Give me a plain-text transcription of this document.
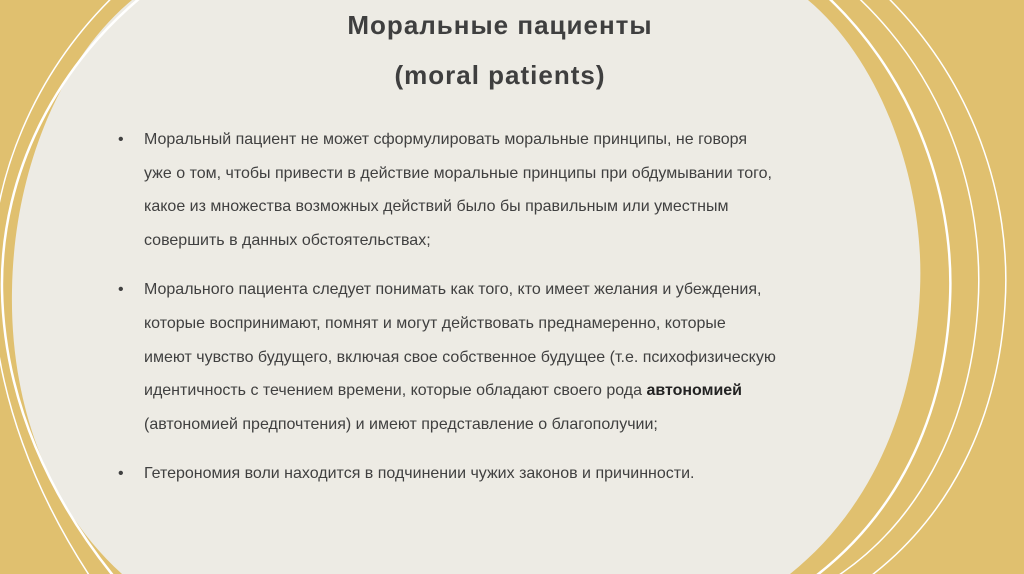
Моральные пациенты
(moral patients)
• Моральный пациент не может сформулировать моральные принципы, не говоря
уже о том, чтобы привести в действие моральные принципы при обдумывании того,
какое из множества возможных действий было бы правильным или уместным
совершить в данных обстоятельствах;
• Морального пациента следует понимать как того, кто имеет желания и убеждения,
которые воспринимают, помнят и могут действовать преднамеренно, которые
имеют чувство будущего, включая свое собственное будущее (т.е. психофизическую
идентичность с течением времени, которые обладают своего рода автономией
(автономией предпочтения) и имеют представление о благополучии;
• Гетерономия воли находится в подчинении чужих законов и причинности.
